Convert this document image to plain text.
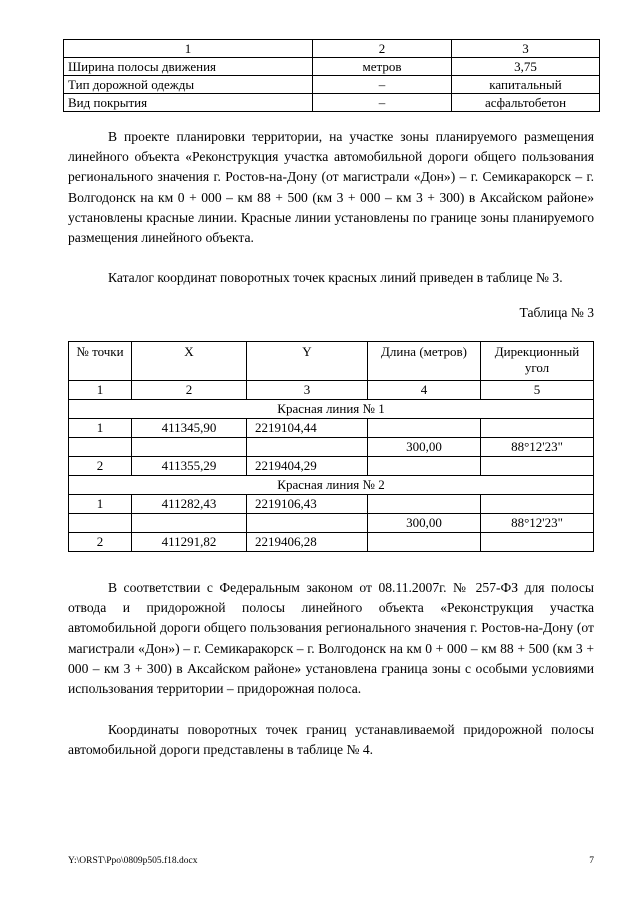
1	2	3
Ширина полосы движения	метров	3,75
Тип дорожной одежды	–	капитальный
Вид покрытия	–	асфальтобетон

В проекте планировки территории, на участке зоны планируемого размещения линейного объекта «Реконструкция участка автомобильной дороги общего пользования регионального значения г. Ростов-на-Дону (от магистрали «Дон») – г. Семикаракорск – г. Волгодонск на км 0 + 000 – км 88 + 500 (км 3 + 000 – км 3 + 300) в Аксайском районе» установлены красные линии. Красные линии установлены по границе зоны планируемого размещения линейного объекта.

Каталог координат поворотных точек красных линий приведен в таблице № 3.

Таблица № 3
№ точки	X	Y	Длина (метров)	Дирекционный угол
1	2	3	4	5
Красная линия № 1				
1	411345,90	2219104,44		
			300,00	88°12'23"
2	411355,29	2219404,29		
Красная линия № 2				
1	411282,43	2219106,43		
			300,00	88°12'23"
2	411291,82	2219406,28		

В соответствии с Федеральным законом от 08.11.2007г. № 257-ФЗ для полосы отвода и придорожной полосы линейного объекта «Реконструкция участка автомобильной дороги общего пользования регионального значения г. Ростов-на-Дону (от магистрали «Дон») – г. Семикаракорск – г. Волгодонск на км 0 + 000 – км 88 + 500 (км 3 + 000 – км 3 + 300) в Аксайском районе» установлена граница зоны с особыми условиями использования территории – придорожная полоса.

Координаты поворотных точек границ устанавливаемой придорожной полосы автомобильной дороги представлены в таблице № 4.

Y:\ORST\Ppo\0809p505.f18.docx	7
